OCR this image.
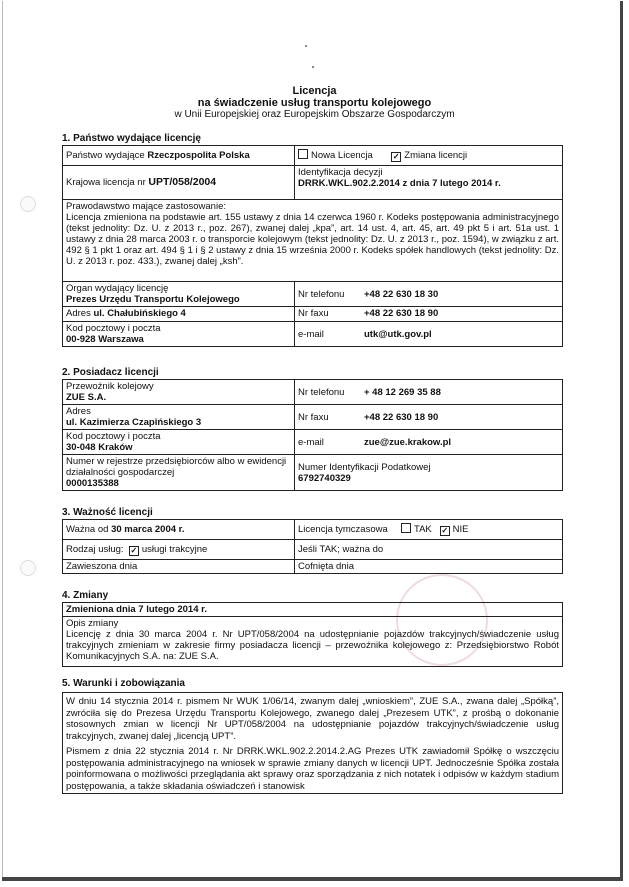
Licencja
na świadczenie usług transportu kolejowego
w Unii Europejskiej oraz Europejskim Obszarze Gospodarczym
1. Państwo wydające licencję
Państwo wydające Rzeczpospolita Polska	Nowa Licencja ✓ Zmiana licencji
Krajowa licencja nr UPT/058/2004	Identyfikacja decyzji
DRRK.WKL.902.2.2014 z dnia 7 lutego 2014 r.

Prawodawstwo mające zastosowanie:
Licencja zmieniona na podstawie art. 155 ustawy z dnia 14 czerwca 1960 r. Kodeks postępowania administracyjnego (tekst jednolity: Dz. U. z 2013 r., poz. 267), zwanej dalej „kpa”, art. 14 ust. 4, art. 45, art. 49 pkt 5 i art. 51a ust. 1 ustawy z dnia 28 marca 2003 r. o transporcie kolejowym (tekst jednolity: Dz. U. z 2013 r., poz. 1594), w związku z art. 492 § 1 pkt 1 oraz art. 494 § 1 i § 2 ustawy z dnia 15 września 2000 r. Kodeks spółek handlowych (tekst jednolity: Dz. U. z 2013 r. poz. 433.), zwanej dalej „ksh”.	

Organ wydający licencję
Prezes Urzędu Transportu Kolejowego	Nr telefonu +48 22 630 18 30
Adres ul. Chałubińskiego 4	Nr faxu +48 22 630 18 90

Kod pocztowy i poczta
00-928 Warszawa	e-mail utk@utk.gov.pl
2. Posiadacz licencji
Przewoźnik kolejowy
ZUE S.A.	Nr telefonu + 48 12 269 35 88

Adres
ul. Kazimierza Czapińskiego 3	Nr faxu +48 22 630 18 90

Kod pocztowy i poczta
30-048 Kraków	e-mail zue@zue.krakow.pl

Numer w rejestrze przedsiębiorców albo w ewidencji działalności gospodarczej
0000135388	Numer Identyfikacji Podatkowej
6792740329
3. Ważność licencji
Ważna od 30 marca 2004 r.	Licencja tymczasowa TAK ✓ NIE
Rodzaj usług: ✓ usługi trakcyjne	Jeśli TAK; ważna do
Zawieszona dnia	Cofnięta dnia
4. Zmiany
Zmieniona dnia 7 lutego 2014 r.

Opis zmiany
Licencję z dnia 30 marca 2004 r. Nr UPT/058/2004 na udostępnianie pojazdów trakcyjnych/świadczenie usług trakcyjnych zmieniam w zakresie firmy posiadacza licencji – przewoźnika kolejowego z: Przedsiębiorstwo Robót Komunikacyjnych S.A. na: ZUE S.A.
5. Warunki i zobowiązania

W dniu 14 stycznia 2014 r. pismem Nr WUK 1/06/14, zwanym dalej „wnioskiem”, ZUE S.A., zwana dalej „Spółką”, zwróciła się do Prezesa Urzędu Transportu Kolejowego, zwanego dalej „Prezesem UTK”, z prośbą o dokonanie stosownych zmian w licencji Nr UPT/058/2004 na udostępnianie pojazdów trakcyjnych/świadczenie usług trakcyjnych, zwanej dalej „licencją UPT”.

Pismem z dnia 22 stycznia 2014 r. Nr DRRK.WKL.902.2.2014.2.AG Prezes UTK zawiadomił Spółkę o wszczęciu postępowania administracyjnego na wniosek w sprawie zmiany danych w licencji UPT. Jednocześnie Spółka została poinformowana o możliwości przeglądania akt sprawy oraz sporządzania z nich notatek i odpisów w każdym stadium postępowania, a także składania oświadczeń i stanowisk
